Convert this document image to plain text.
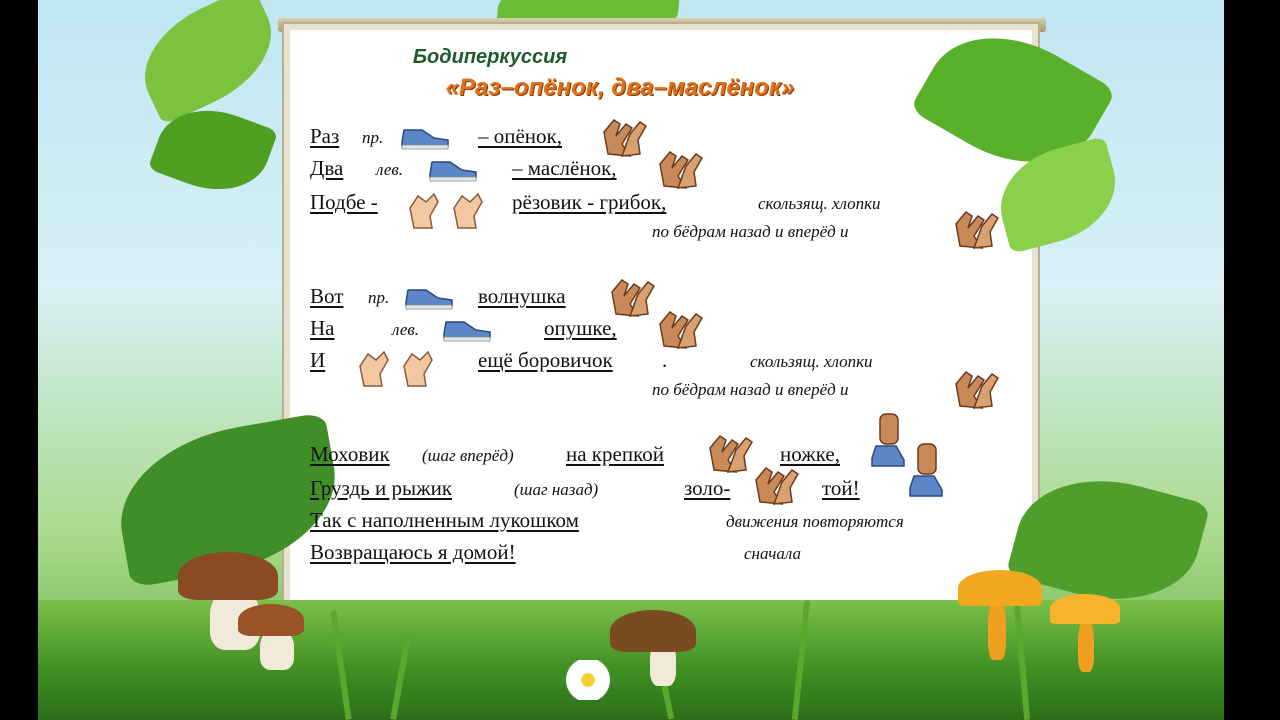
Бодиперкуссия
«Раз–опёнок, два–маслёнок»
Раз пр.	– опёнок,
Два лев.	– маслёнок,
Подбе -	рёзовик - грибок,	скользящ. хлопки
по бёдрам назад и вперёд и
Вот пр.	волнушка
На	лев.	опушке,
И	ещё боровичок .	скользящ. хлопки
по бёдрам назад и вперёд и
Моховик (шаг вперёд) на крепкой	ножке,
Груздь и рыжик	(шаг назад)	золо-	той!
Так с наполненным лукошком	движения повторяются
Возвращаюсь я домой!	сначала
